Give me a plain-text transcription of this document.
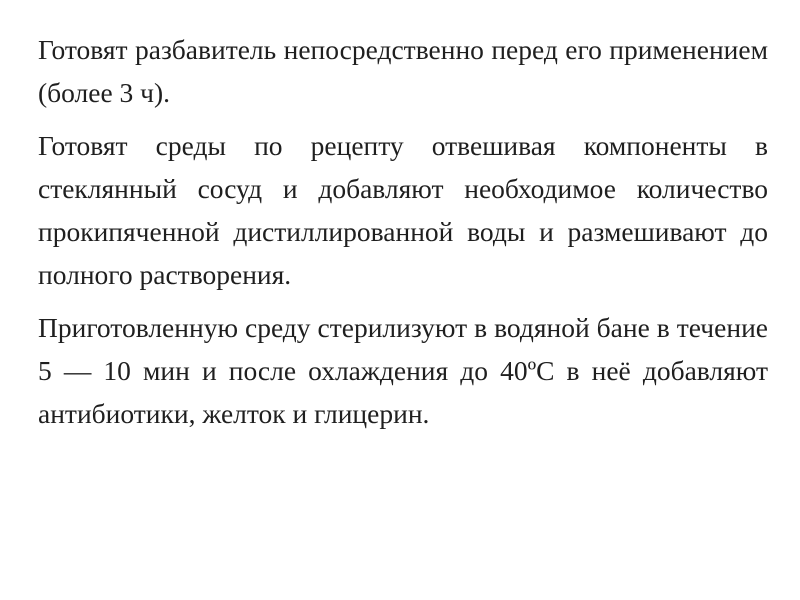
Готовят разбавитель непосредственно перед его применением (более 3 ч).

Готовят среды по рецепту отвешивая компоненты в стеклянный сосуд и добавляют необходимое количество прокипяченной дистиллированной воды и размешивают до полного растворения.

Приготовленную среду стерилизуют в водяной бане в течение 5 — 10 мин и после охлаждения до 40ºС в неё добавляют антибиотики, желток и глицерин.
